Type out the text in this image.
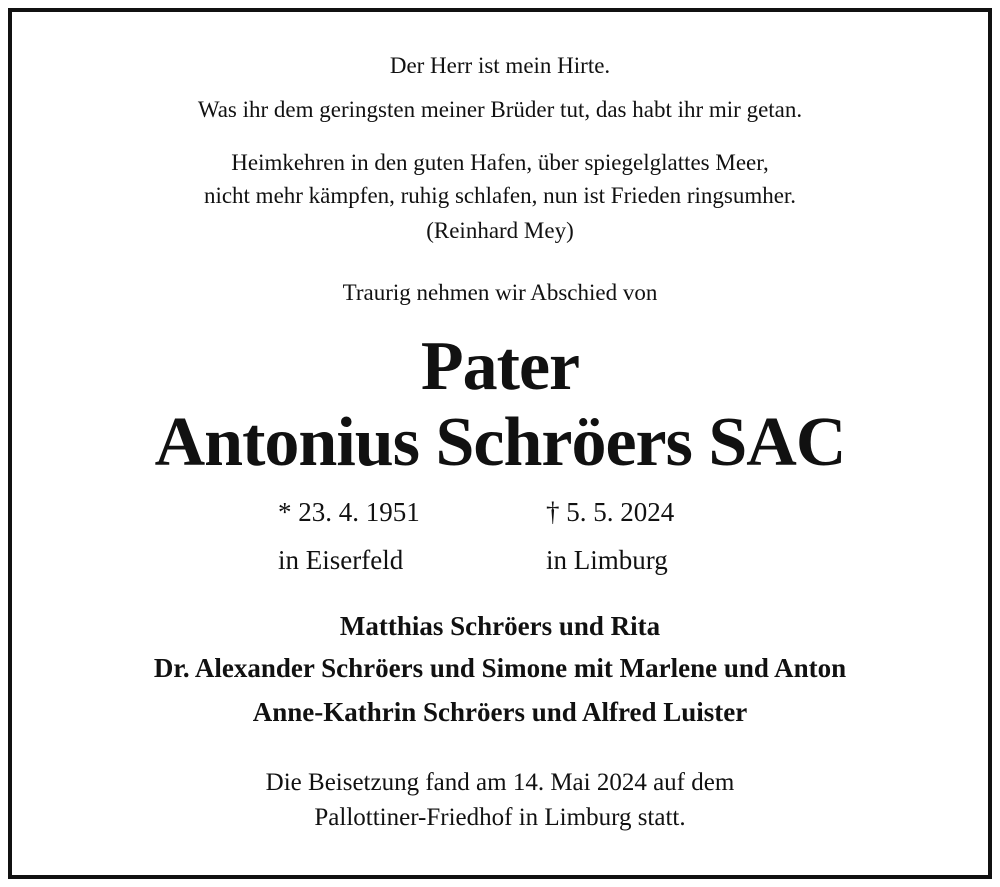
Der Herr ist mein Hirte.
Was ihr dem geringsten meiner Brüder tut, das habt ihr mir getan.
Heimkehren in den guten Hafen, über spiegelglattes Meer,
nicht mehr kämpfen, ruhig schlafen, nun ist Frieden ringsumher.
(Reinhard Mey)
Traurig nehmen wir Abschied von
Pater
Antonius Schröers SAC
* 23. 4. 1951
in Eiserfeld
† 5. 5. 2024
in Limburg
Matthias Schröers und Rita
Dr. Alexander Schröers und Simone mit Marlene und Anton
Anne-Kathrin Schröers und Alfred Luister
Die Beisetzung fand am 14. Mai 2024 auf dem
Pallottiner-Friedhof in Limburg statt.
